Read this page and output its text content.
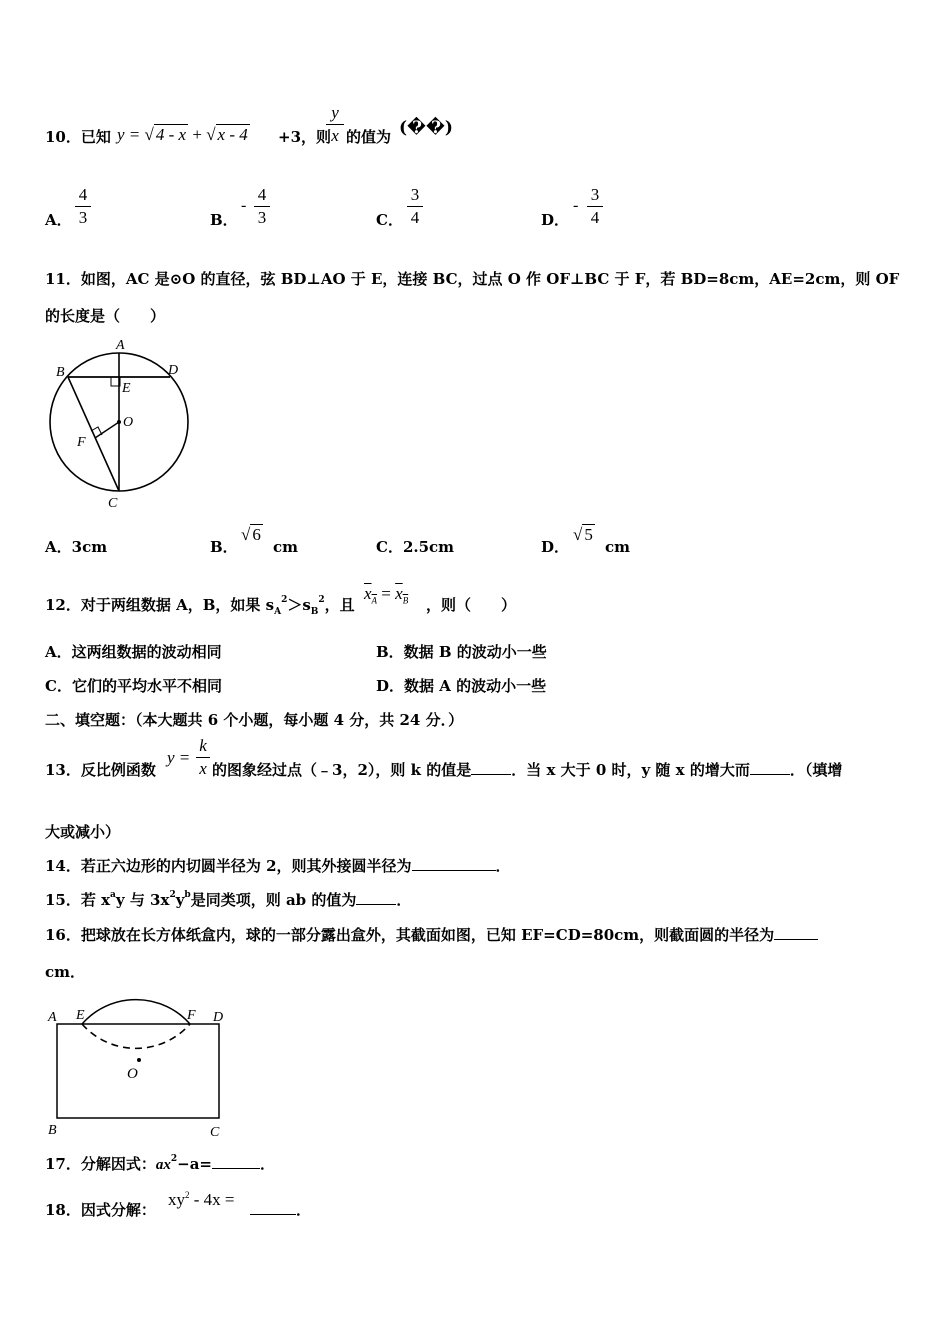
10．已知 y = √ 4 - x + √ x - 4 +3，则
y
x 的值为 (��)
A．
4
3	B．
-
4
3	C．
3
4	D．
-
3
4
11．如图，AC 是⊙O 的直径，弦 BD⊥AO 于 E，连接 BC，过点 O 作 OF⊥BC 于 F，若 BD=8cm，AE=2cm，则 OF
的长度是（　　）
A
B	D
E
O
F
C
A．3cm	B．
√ 6
cm	C．2.5cm	D．
√ 5
cm
12．对于两组数据 A，B，如果 $s_A^2>s_B^2$，且
$x_A = x_B$ ，则（　　）
A．这两组数据的波动相同	B．数据 B 的波动小一些
C．它们的平均水平不相同	D．数据 A 的波动小一些
二、填空题：（本大题共 6 个小题，每小题 4 分，共 24 分．）
13．反比例函数
y =
k
x 的图象经过点（﹣3，2），则 k 的值是	．当 x 大于 0 时，y 随 x 的增大而	．（填增
大或减小）
14．若正六边形的内切圆半径为 2，则其外接圆半径为	．
15．若 $x^ay$ 与 $3x^2y^b$是同类项，则 ab 的值为	．
16．把球放在长方体纸盒内，球的一部分露出盒外，其截面如图，已知 EF=CD=80cm，则截面圆的半径为
cm．
A E	F D
O
B	C
17．分解因式：$ax^2-a=$	．
18．因式分解：
$xy^2 - 4x$ =
．
